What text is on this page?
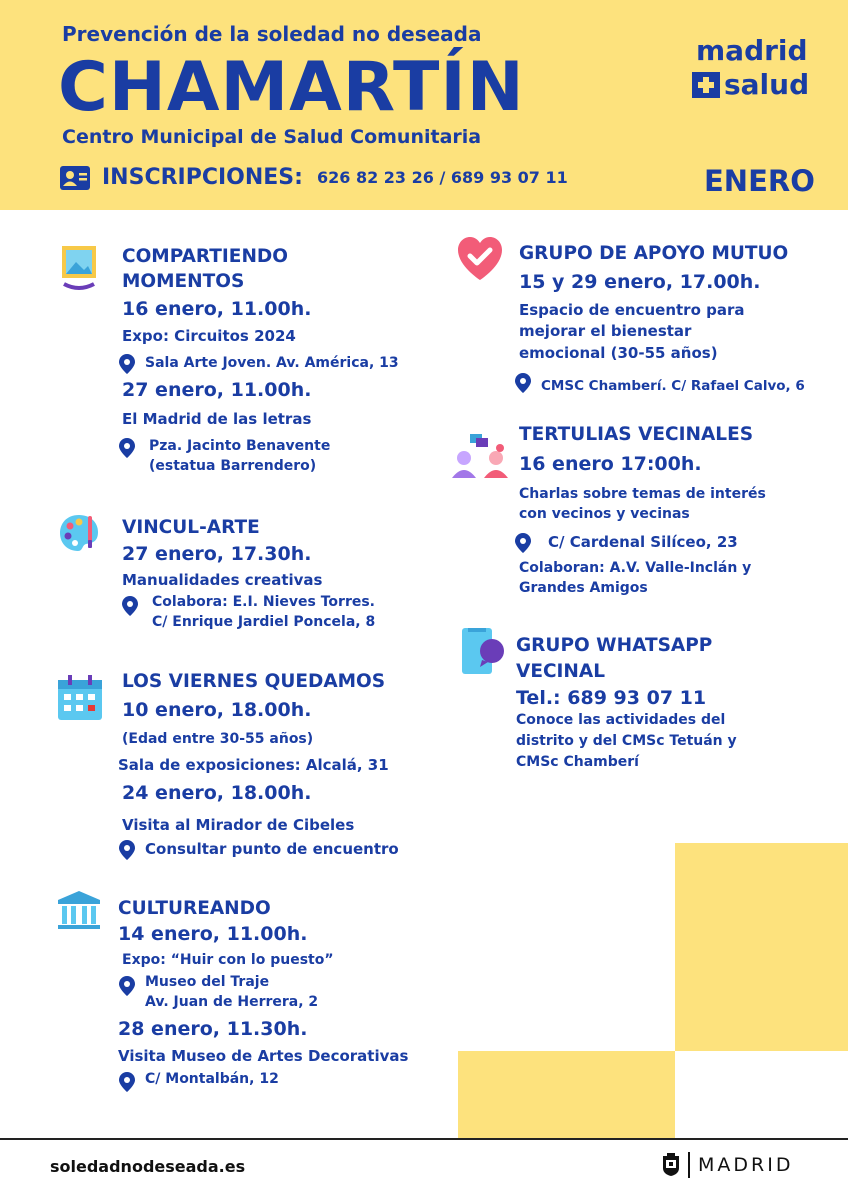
Prevención de la soledad no deseada
CHAMARTÍN
Centro Municipal de Salud Comunitaria
INSCRIPCIONES: 626 82 23 26 / 689 93 07 11	ENERO
madrid
salud
COMPARTIENDO
MOMENTOS
16 enero, 11.00h.
Expo: Circuitos 2024
Sala Arte Joven. Av. América, 13
27 enero, 11.00h.
El Madrid de las letras
Pza. Jacinto Benavente
(estatua Barrendero)
VINCUL-ARTE
27 enero, 17.30h.
Manualidades creativas
Colabora: E.I. Nieves Torres.
C/ Enrique Jardiel Poncela, 8
LOS VIERNES QUEDAMOS
10 enero, 18.00h.
(Edad entre 30-55 años)
Sala de exposiciones: Alcalá, 31
24 enero, 18.00h.
Visita al Mirador de Cibeles
Consultar punto de encuentro
CULTUREANDO
14 enero, 11.00h.
Expo: “Huir con lo puesto”
Museo del Traje
Av. Juan de Herrera, 2
28 enero, 11.30h.
Visita Museo de Artes Decorativas
C/ Montalbán, 12
GRUPO DE APOYO MUTUO
15 y 29 enero, 17.00h.
Espacio de encuentro para
mejorar el bienestar
emocional (30-55 años)
CMSC Chamberí. C/ Rafael Calvo, 6
TERTULIAS VECINALES
16 enero 17:00h.
Charlas sobre temas de interés
con vecinos y vecinas
C/ Cardenal Silíceo, 23
Colaboran: A.V. Valle-Inclán y
Grandes Amigos
GRUPO WHATSAPP
VECINAL
Tel.: 689 93 07 11
Conoce las actividades del
distrito y del CMSc Tetuán y
CMSc Chamberí
soledadnodeseada.es	MADRID
